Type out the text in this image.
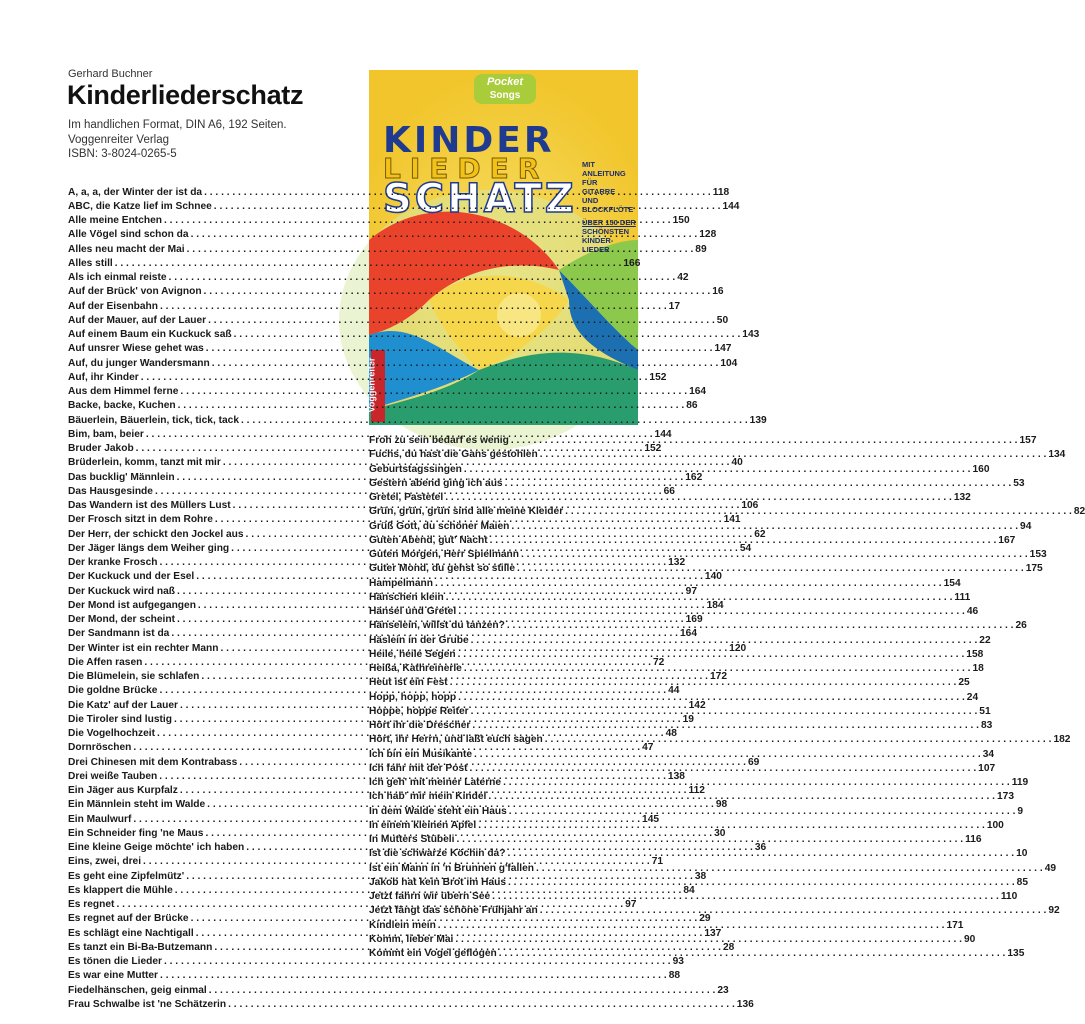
Gerhard Buchner
Kinderliederschatz
Im handlichen Format, DIN A6, 192 Seiten.
Voggenreiter Verlag
ISBN: 3-8024-0265-5
Pocket
Songs
KINDER
LIEDER
SCHATZ
MIT
ANLEITUNG
FÜR
GITARRE
UND
BLOCKFLÖTE
ÜBER 150 DER
SCHÖNSTEN
KINDER-
LIEDER
Voggenreiter
A, a, a, der Winter der ist da . . .	118
ABC, die Katze lief im Schnee . . .	144
Alle meine Entchen . . .	150
Alle Vögel sind schon da . . .	128
Alles neu macht der Mai . . .	89
Alles still . . .	166
Als ich einmal reiste . . .	42
Auf der Brück' von Avignon . . .	16
Auf der Eisenbahn . . .	17
Auf der Mauer, auf der Lauer . . .	50
Auf einem Baum ein Kuckuck saß . . .	143
Auf unsrer Wiese gehet was . . .	147
Auf, du junger Wandersmann . . .	104
Auf, ihr Kinder . . .	152
Aus dem Himmel ferne . . .	164
Backe, backe, Kuchen . . .	86
Bäuerlein, Bäuerlein, tick, tick, tack . . .	139
Bim, bam, beier . . .	144
Bruder Jakob . . .	152
Brüderlein, komm, tanzt mit mir . . .	40
Das bucklig' Männlein . . .	162
Das Hausgesinde . . .	66
Das Wandern ist des Müllers Lust . . .	106
Der Frosch sitzt in dem Rohre . . .	141
Der Herr, der schickt den Jockel aus . . .	62
Der Jäger längs dem Weiher ging . . .	54
Der kranke Frosch . . .	132
Der Kuckuck und der Esel . . .	140
Der Kuckuck wird naß . . .	97
Der Mond ist aufgegangen . . .	184
Der Mond, der scheint . . .	169
Der Sandmann ist da . . .	164
Der Winter ist ein rechter Mann . . .	120
Die Affen rasen . . .	72
Die Blümelein, sie schlafen . . .	172
Die goldne Brücke . . .	44
Die Katz' auf der Lauer . . .	142
Die Tiroler sind lustig . . .	19
Die Vogelhochzeit . . .	48
Dornröschen . . .	47
Drei Chinesen mit dem Kontrabass . . .	69
Drei weiße Tauben . . .	138
Ein Jäger aus Kurpfalz . . .	112
Ein Männlein steht im Walde . . .	98
Ein Maulwurf . . .	145
Ein Schneider fing 'ne Maus . . .	30
Eine kleine Geige möchte' ich haben . . .	36
Eins, zwei, drei . . .	71
Es geht eine Zipfelmütz' . . .	38
Es klappert die Mühle . . .	84
Es regnet . . .	97
Es regnet auf der Brücke . . .	29
Es schlägt eine Nachtigall . . .	137
Es tanzt ein Bi-Ba-Butzemann . . .	28
Es tönen die Lieder . . .	93
Es war eine Mutter . . .	88
Fiedelhänschen, geig einmal . . .	23
Frau Schwalbe ist 'ne Schätzerin . . .	136
Froh zu sein bedarf es wenig . . .	157
Fuchs, du hast die Gans gestohlen . . .	134
Geburtstagssingen . . .	160
Gestern abend ging ich aus . . .	53
Gretel, Pastetel . . .	132
Grün, grün, grün sind alle meine Kleider . . .	82
Grüß Gott, du schöner Maien . . .	94
Guten Abend, gut' Nacht . . .	167
Guten Morgen, Herr Spielmann . . .	153
Guter Mond, du gehst so stille . . .	175
Hampelmann . . .	154
Hänschen klein . . .	111
Hänsel und Gretel . . .	46
Hänselein, willst du tanzen? . . .	26
Häslein in der Grube . . .	22
Heile, heile Segen . . .	158
Heißa, Kathreinerle . . .	18
Heut ist ein Fest . . .	25
Hopp, hopp, hopp . . .	24
Hoppe, hoppe Reiter . . .	51
Hört ihr die Drescher . . .	83
Hört, ihr Herrn, und laßt euch sagen . . .	182
Ich bin ein Musikante . . .	34
Ich fahr mit der Post . . .	107
Ich geh' mit meiner Laterne . . .	119
Ich hab' mir mein Kindel . . .	173
In dem Walde steht ein Haus . . .	9
In einem kleinen Apfel . . .	100
In Mutters Stübeli . . .	116
Ist die schwarze Köchin da? . . .	10
Ist ein Mann in 'n Brunnen g'fallen . . .	49
Jakob hat kein Brot im Haus . . .	85
Jetzt fahrn wir übern See . . .	110
Jetzt fängt das schöne Frühjahr an . . .	92
Kindlein mein . . .	171
Komm, lieber Mai . . .	90
Kommt ein Vogel geflogen . . .	135
